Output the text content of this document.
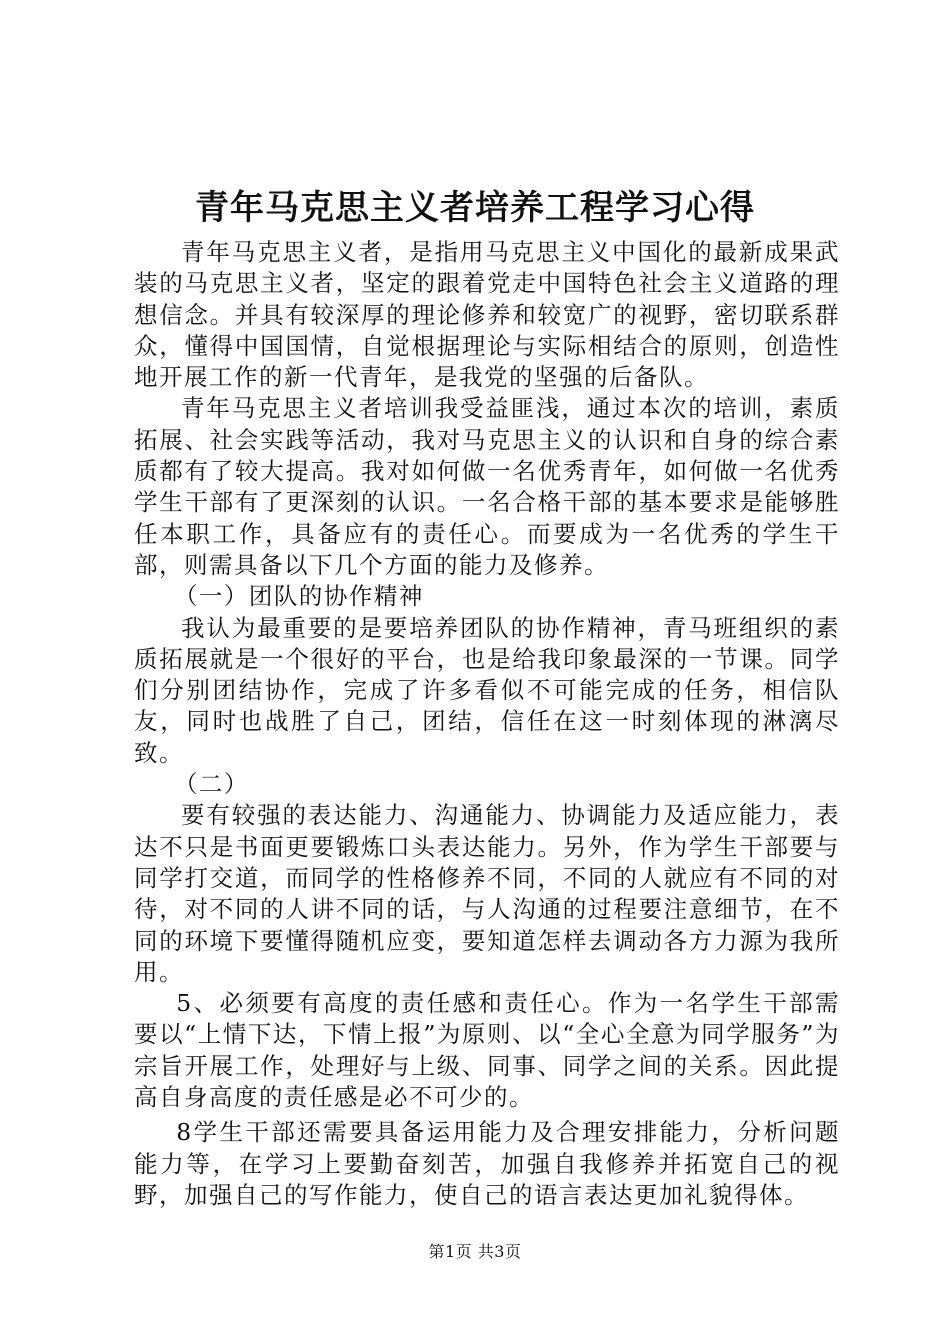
青年马克思主义者培养工程学习心得

青年马克思主义者，是指用马克思主义中国化的最新成果武装的马克思主义者，坚定的跟着党走中国特色社会主义道路的理想信念。并具有较深厚的理论修养和较宽广的视野，密切联系群众，懂得中国国情，自觉根据理论与实际相结合的原则，创造性地开展工作的新一代青年，是我党的坚强的后备队。

青年马克思主义者培训我受益匪浅，通过本次的培训，素质拓展、社会实践等活动，我对马克思主义的认识和自身的综合素质都有了较大提高。我对如何做一名优秀青年，如何做一名优秀学生干部有了更深刻的认识。一名合格干部的基本要求是能够胜任本职工作，具备应有的责任心。而要成为一名优秀的学生干部，则需具备以下几个方面的能力及修养。

（一）团队的协作精神

我认为最重要的是要培养团队的协作精神，青马班组织的素质拓展就是一个很好的平台，也是给我印象最深的一节课。同学们分别团结协作，完成了许多看似不可能完成的任务，相信队友，同时也战胜了自己，团结，信任在这一时刻体现的淋漓尽致。

（二）

要有较强的表达能力、沟通能力、协调能力及适应能力，表达不只是书面更要锻炼口头表达能力。另外，作为学生干部要与同学打交道，而同学的性格修养不同，不同的人就应有不同的对待，对不同的人讲不同的话，与人沟通的过程要注意细节，在不同的环境下要懂得随机应变，要知道怎样去调动各方力源为我所用。

5、必须要有高度的责任感和责任心。作为一名学生干部需要以“上情下达，下情上报”为原则、以“全心全意为同学服务”为宗旨开展工作，处理好与上级、同事、同学之间的关系。因此提高自身高度的责任感是必不可少的。

8学生干部还需要具备运用能力及合理安排能力，分析问题能力等，在学习上要勤奋刻苦，加强自我修养并拓宽自己的视野，加强自己的写作能力，使自己的语言表达更加礼貌得体。

第1页 共3页
